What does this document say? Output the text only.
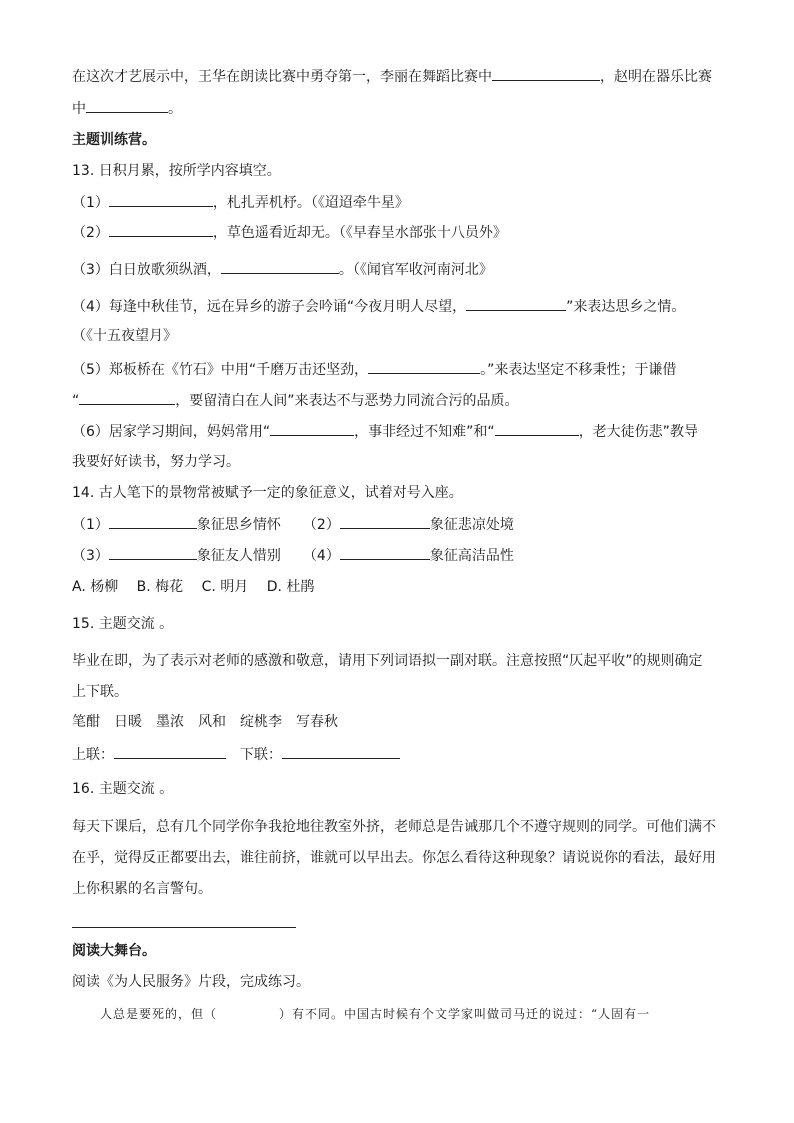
在这次才艺展示中，王华在朗读比赛中勇夺第一，李丽在舞蹈比赛中	，赵明在器乐比赛
中	。
主题训练营。
13. 日积月累，按所学内容填空。
（1）	，札扎弄机杼。（《迢迢牵牛星》
（2）	，草色遥看近却无。（《早春呈水部张十八员外》
（3）白日放歌须纵酒，	。（《闻官军收河南河北》
（4）每逢中秋佳节，远在异乡的游子会吟诵“今夜月明人尽望，	”来表达思乡之情。
（《十五夜望月》
（5）郑板桥在《竹石》中用“千磨万击还坚劲，	。”来表达坚定不移秉性；于谦借
“	，要留清白在人间”来表达不与恶势力同流合污的品质。
（6）居家学习期间，妈妈常用“	，事非经过不知难”和“	，老大徒伤悲”教导
我要好好读书，努力学习。
14. 古人笔下的景物常被赋予一定的象征意义，试着对号入座。
（1）	象征思乡情怀 （2）	象征悲凉处境
（3）	象征友人惜别 （4）	象征高洁品性
A. 杨柳　 B. 梅花　 C. 明月　 D. 杜鹃
15. 主题交流 。
毕业在即，为了表示对老师的感激和敬意，请用下列词语拟一副对联。注意按照“仄起平收”的规则确定
上下联。
笔酣　日暖　墨浓　风和　绽桃李　写春秋
上联：	下联：
16. 主题交流 。
每天下课后，总有几个同学你争我抢地往教室外挤，老师总是告诫那几个不遵守规则的同学。可他们满不
在乎，觉得反正都要出去，谁往前挤，谁就可以早出去。你怎么看待这种现象？请说说你的看法，最好用
上你积累的名言警句。
阅读大舞台。
阅读《为人民服务》片段，完成练习。
人总是要死的，但（	）有不同。中国古时候有个文学家叫做司马迁的说过：“人固有一
